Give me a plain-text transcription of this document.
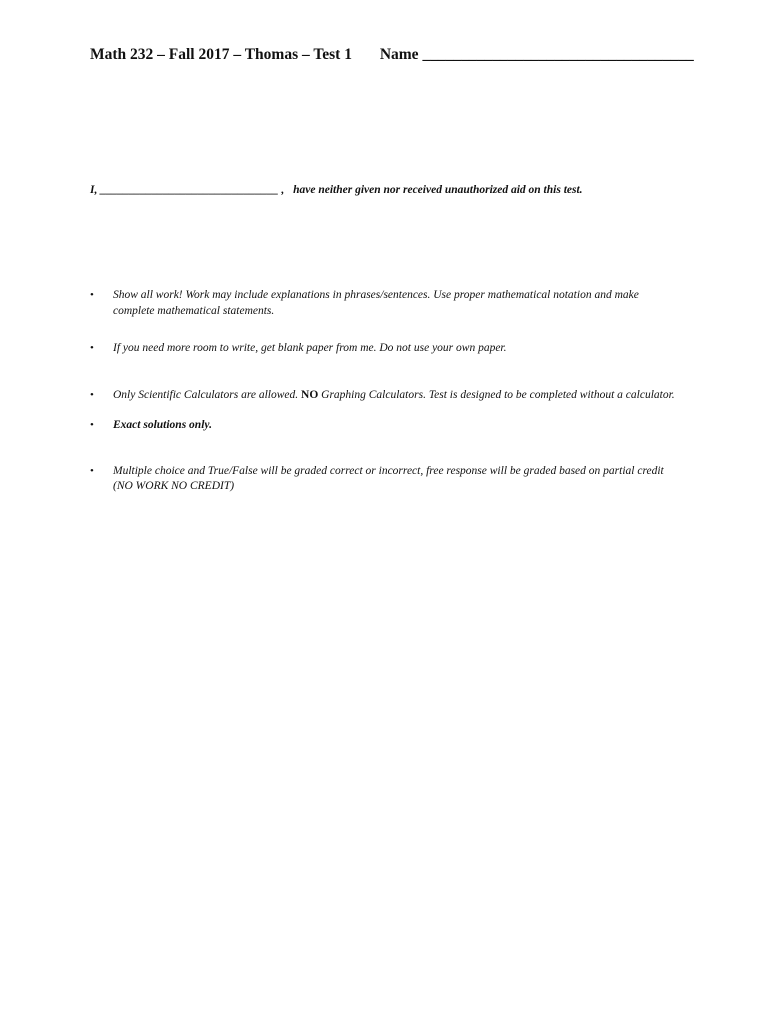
Math 232 – Fall 2017 – Thomas – Test 1 Name ___________________________________
I, _______________________________ , have neither given nor received unauthorized aid on this test.
• Show all work! Work may include explanations in phrases/sentences. Use proper mathematical notation and make complete mathematical statements.
• If you need more room to write, get blank paper from me. Do not use your own paper.
• Only Scientific Calculators are allowed. NO Graphing Calculators. Test is designed to be completed without a calculator.
• Exact solutions only.
• Multiple choice and True/False will be graded correct or incorrect, free response will be graded based on partial credit (NO WORK NO CREDIT)
